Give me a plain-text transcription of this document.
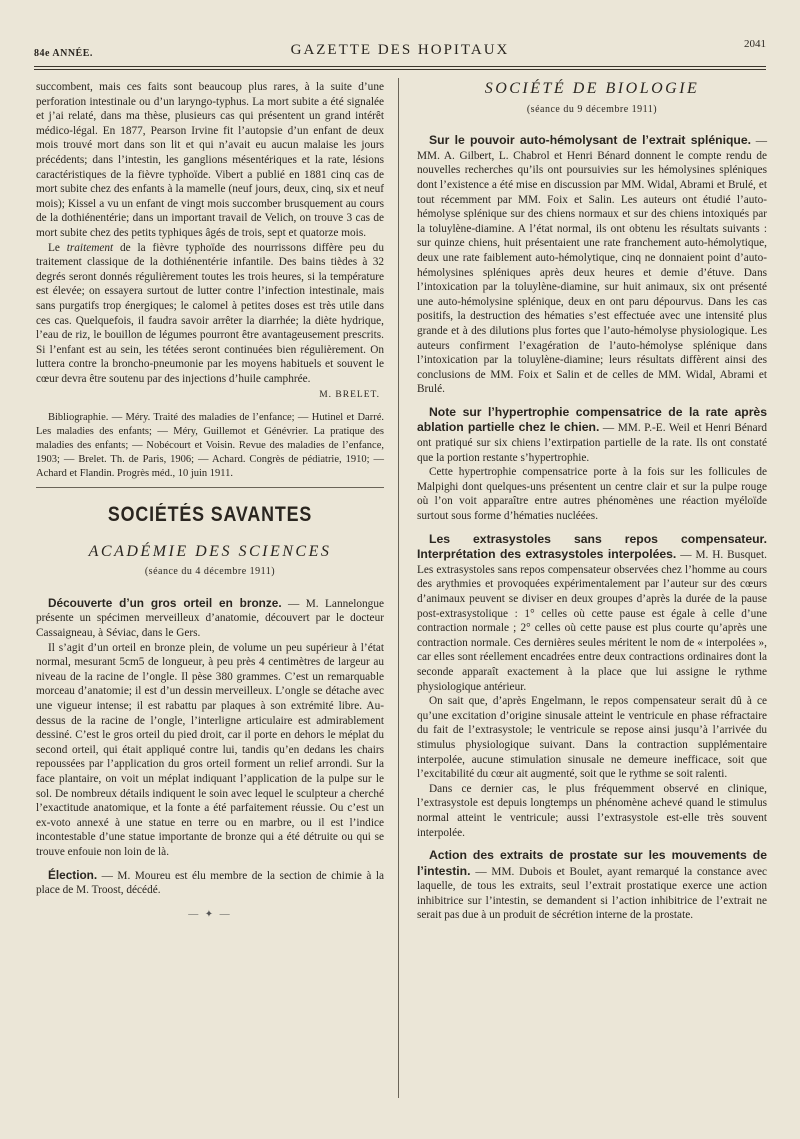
84e ANNÉE.	GAZETTE DES HOPITAUX	2041

succombent, mais ces faits sont beaucoup plus rares, à la suite d’une perforation intestinale ou d’un laryngo-typhus. La mort subite a été signalée et j’ai relaté, dans ma thèse, plusieurs cas qui présentent un grand intérêt médico-légal. En 1877, Pearson Irvine fit l’autopsie d’un enfant de deux mois trouvé mort dans son lit et qui n’avait eu aucun malaise les jours précédents; dans l’intestin, les ganglions mésentériques et la rate, lésions caractéristiques de la fièvre typhoïde. Vibert a publié en 1881 cinq cas de mort subite chez des enfants à la mamelle (neuf jours, deux, cinq, six et neuf mois); Kissel a vu un enfant de vingt mois succomber brusquement au cours de la dothiénentérie; dans un important travail de Velich, on trouve 3 cas de mort subite chez des petits typhiques âgés de trois, sept et quatorze mois.

Le traitement de la fièvre typhoïde des nourrissons diffère peu du traitement classique de la dothiénentérie infantile. Des bains tièdes à 32 degrés seront donnés régulièrement toutes les trois heures, si la température est élevée; on essayera surtout de lutter contre l’infection intestinale, mais sans purgatifs trop énergiques; le calomel à petites doses est très utile dans ces cas. Quelquefois, il faudra savoir arrêter la diarrhée; la diète hydrique, l’eau de riz, le bouillon de légumes pourront être avantageusement prescrits. Si l’enfant est au sein, les tétées seront continuées bien régulièrement. On luttera contre la broncho-pneumonie par les moyens habituels et souvent le cœur devra être soutenu par des injections d’huile camphrée.

M. BRELET.

Bibliographie. — Méry. Traité des maladies de l’enfance; — Hutinel et Darré. Les maladies des enfants; — Méry, Guillemot et Génévrier. La pratique des maladies des enfants; — Nobécourt et Voisin. Revue des maladies de l’enfance, 1903; — Brelet. Th. de Paris, 1906; — Achard. Congrès de pédiatrie, 1910; — Achard et Flandin. Progrès méd., 10 juin 1911.

SOCIÉTÉS SAVANTES
ACADÉMIE DES SCIENCES
(séance du 4 décembre 1911)

Découverte d’un gros orteil en bronze. — M. Lannelongue présente un spécimen merveilleux d’anatomie, découvert par le docteur Cassaigneau, à Séviac, dans le Gers.

Il s’agit d’un orteil en bronze plein, de volume un peu supérieur à l’état normal, mesurant 5cm5 de longueur, à peu près 4 centimètres de largeur au niveau de la racine de l’ongle. Il pèse 380 grammes. C’est un remarquable morceau d’anatomie; il est d’un dessin merveilleux. L’ongle se détache avec une vigueur intense; il est rabattu par plaques à son extrémité libre. Au-dessus de la racine de l’ongle, l’interligne articulaire est admirablement dessiné. C’est le gros orteil du pied droit, car il porte en dehors le méplat du second orteil, qui était appliqué contre lui, tandis qu’en dedans les chairs repoussées par l’application du gros orteil forment un relief arrondi. Sur la face plantaire, on voit un méplat indiquant l’application de la pulpe sur le sol. De nombreux détails indiquent le soin avec lequel le sculpteur a cherché l’exactitude anatomique, et la fonte a été parfaitement réussie. Ou c’est un ex-voto annexé à une statue en terre ou en marbre, ou il est l’indice incontestable d’une statue importante de bronze qui a été détruite ou qui se trouve enfouie non loin de là.

Élection. — M. Moureu est élu membre de la section de chimie à la place de M. Troost, décédé.

— ✦ —
SOCIÉTÉ DE BIOLOGIE
(séance du 9 décembre 1911)

Sur le pouvoir auto-hémolysant de l’extrait splénique. — MM. A. Gilbert, L. Chabrol et Henri Bénard donnent le compte rendu de nouvelles recherches qu’ils ont poursuivies sur les hémolysines spléniques dont l’existence a été mise en discussion par MM. Widal, Abrami et Brulé, et tout récemment par MM. Foix et Salin. Les auteurs ont étudié l’auto-hémolyse splénique sur des chiens normaux et sur des chiens intoxiqués par la toluylène-diamine. A l’état normal, ils ont obtenu les résultats suivants : sur quinze chiens, huit présentaient une rate franchement auto-hémolytique, deux une rate faiblement auto-hémolytique, cinq ne donnaient point d’auto-hémolysines spléniques après deux heures et demie d’étuve. Dans l’intoxication par la toluylène-diamine, sur huit animaux, six ont présenté une auto-hémolysine splénique, deux en ont paru dépourvus. Dans les cas positifs, la destruction des hématies s’est effectuée avec une intensité plus grande et à des dilutions plus fortes que l’auto-hémolyse physiologique. Les auteurs confirment l’exagération de l’auto-hémolyse splénique dans l’intoxication par la toluylène-diamine; leurs résultats diffèrent ainsi des conclusions de MM. Foix et Salin et de celles de MM. Widal, Abrami et Brulé.

Note sur l’hypertrophie compensatrice de la rate après ablation partielle chez le chien. — MM. P.-E. Weil et Henri Bénard ont pratiqué sur six chiens l’extirpation partielle de la rate. Ils ont constaté que la portion restante s’hypertrophie.

Cette hypertrophie compensatrice porte à la fois sur les follicules de Malpighi dont quelques-uns présentent un centre clair et sur la pulpe rouge où l’on voit apparaître entre autres phénomènes une réaction myéloïde surtout sous forme d’hématies nucléées.

Les extrasystoles sans repos compensateur. Interprétation des extrasystoles interpolées. — M. H. Busquet. Les extrasystoles sans repos compensateur observées chez l’homme au cours des arythmies et provoquées expérimentalement par l’auteur sur des cœurs d’animaux peuvent se diviser en deux groupes d’après la durée de la pause post-extrasystolique : 1° celles où cette pause est égale à celle d’une contraction normale ; 2° celles où cette pause est plus courte qu’après une contraction normale. Ces dernières seules méritent le nom de « interpolées », car elles sont réellement encadrées entre deux contractions ordinaires dont la seconde apparaît exactement à la place que lui assigne le rythme physiologique antérieur.

On sait que, d’après Engelmann, le repos compensateur serait dû à ce qu’une excitation d’origine sinusale atteint le ventricule en phase réfractaire du fait de l’extrasystole; le ventricule se repose ainsi jusqu’à l’arrivée du stimulus physiologique suivant. Dans la contraction supplémentaire interpolée, aucune stimulation sinusale ne demeure inefficace, soit que l’excitabilité du cœur ait augmenté, soit que le rythme se soit ralenti.

Dans ce dernier cas, le plus fréquemment observé en clinique, l’extrasystole est depuis longtemps un phénomène achevé quand le stimulus normal atteint le ventricule; aussi l’extrasystole est-elle très souvent interpolée.

Action des extraits de prostate sur les mouvements de l’intestin. — MM. Dubois et Boulet, ayant remarqué la constance avec laquelle, de tous les extraits, seul l’extrait prostatique exerce une action inhibitrice sur l’intestin, se demandent si l’action inhibitrice de l’extrait ne serait pas due à un produit de sécrétion interne de la prostate.
